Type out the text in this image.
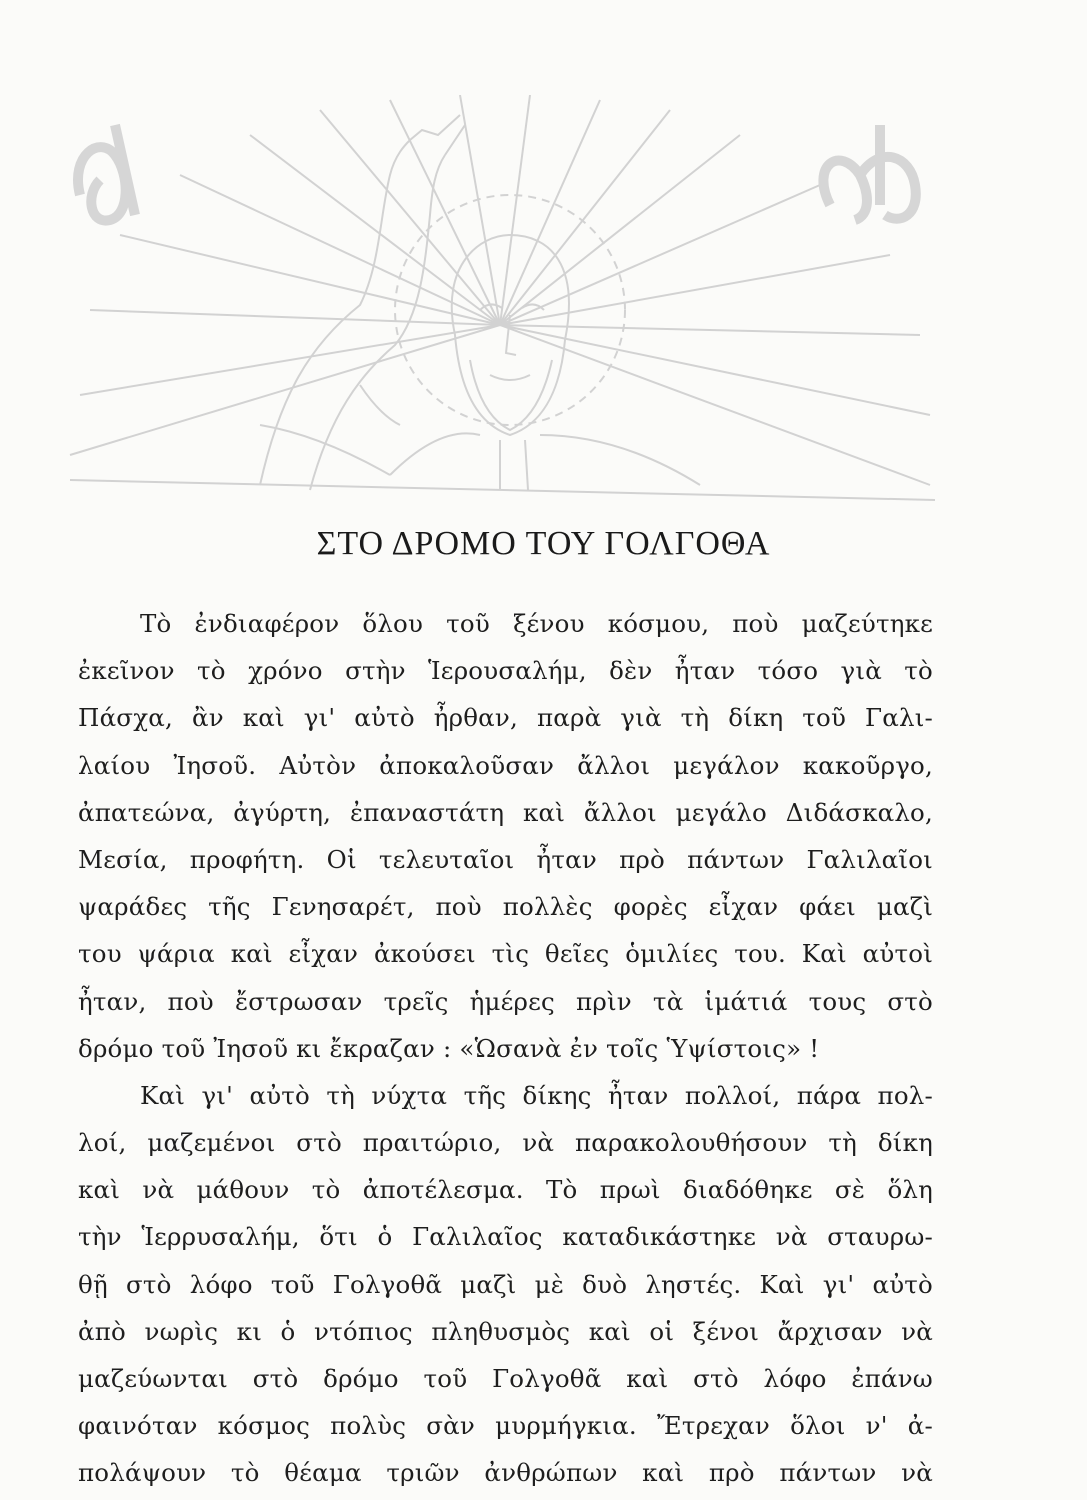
ΣΤΟ ΔΡΟΜΟ ΤΟΥ ΓΟΛΓΟΘΑ
Τὸ ἐνδιαφέρον ὅλου τοῦ ξένου κόσμου, ποὺ μαζεύτηκε
ἐκεῖνον τὸ χρόνο στὴν Ἱερουσαλήμ, δὲν ἦταν τόσο γιὰ τὸ
Πάσχα, ἂν καὶ γι' αὐτὸ ἦρθαν, παρὰ γιὰ τὴ δίκη τοῦ Γαλι-
λαίου Ἰησοῦ. Αὐτὸν ἀποκαλοῦσαν ἄλλοι μεγάλον κακοῦργο,
ἀπατεώνα, ἀγύρτη, ἐπαναστάτη καὶ ἄλλοι μεγάλο Διδάσκαλο,
Μεσία, προφήτη. Οἱ τελευταῖοι ἦταν πρὸ πάντων Γαλιλαῖοι
ψαράδες τῆς Γενησαρέτ, ποὺ πολλὲς φορὲς εἶχαν φάει μαζὶ
του ψάρια καὶ εἶχαν ἀκούσει τὶς θεῖες ὁμιλίες του. Καὶ αὐτοὶ
ἦταν, ποὺ ἔστρωσαν τρεῖς ἡμέρες πρὶν τὰ ἱμάτιά τους στὸ
δρόμο τοῦ Ἰησοῦ κι ἔκραζαν : «Ὡσανὰ ἐν τοῖς Ὑψίστοις» !
Καὶ γι' αὐτὸ τὴ νύχτα τῆς δίκης ἦταν πολλοί, πάρα πολ-
λοί, μαζεμένοι στὸ πραιτώριο, νὰ παρακολουθήσουν τὴ δίκη
καὶ νὰ μάθουν τὸ ἀποτέλεσμα. Τὸ πρωὶ διαδόθηκε σὲ ὅλη
τὴν Ἱερρυσαλήμ, ὅτι ὁ Γαλιλαῖος καταδικάστηκε νὰ σταυρω-
θῇ στὸ λόφο τοῦ Γολγοθᾶ μαζὶ μὲ δυὸ ληστές. Καὶ γι' αὐτὸ
ἀπὸ νωρὶς κι ὁ ντόπιος πληθυσμὸς καὶ οἱ ξένοι ἄρχισαν νὰ
μαζεύωνται στὸ δρόμο τοῦ Γολγοθᾶ καὶ στὸ λόφο ἐπάνω
φαινόταν κόσμος πολὺς σὰν μυρμήγκια. Ἔτρεχαν ὅλοι ν' ἀ-
πολάψουν τὸ θέαμα τριῶν ἀνθρώπων καὶ πρὸ πάντων νὰ
